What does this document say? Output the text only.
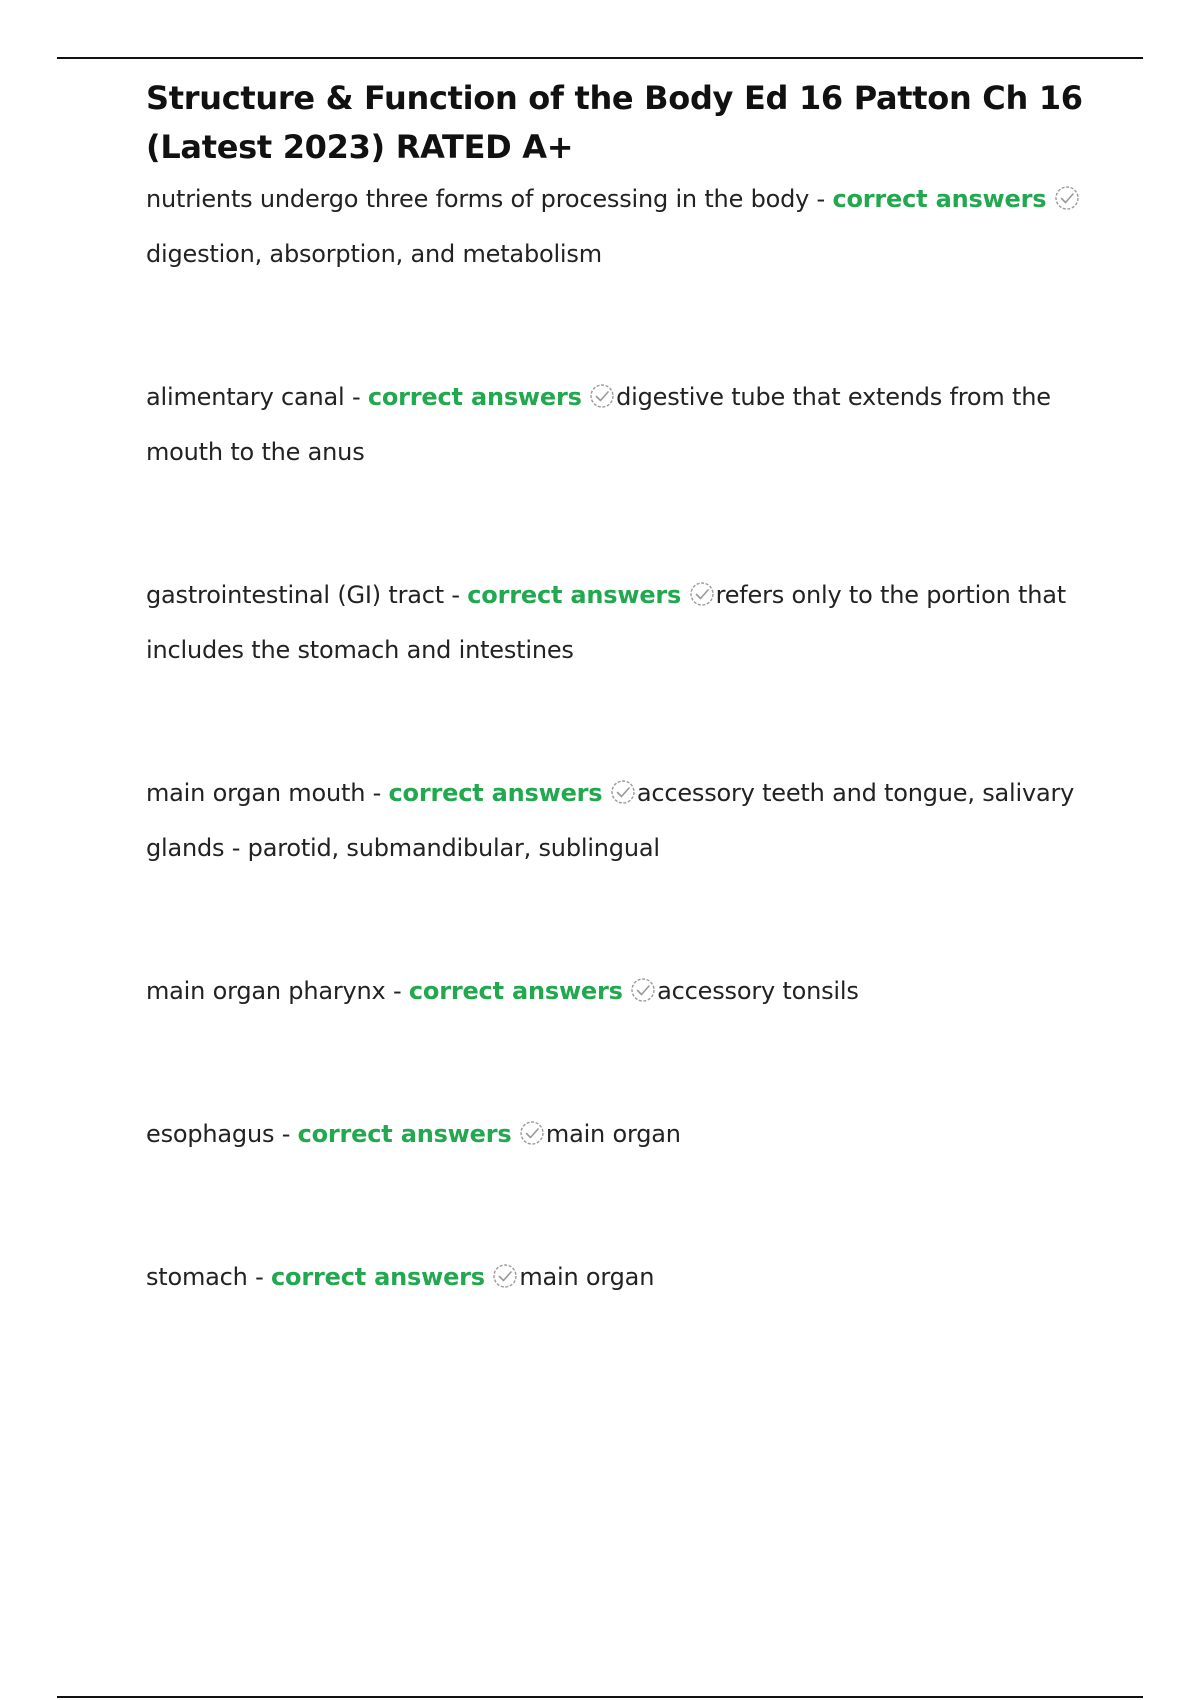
Structure & Function of the Body Ed 16 Patton Ch 16 (Latest 2023) RATED A+

nutrients undergo three forms of processing in the body - correct answers
digestion, absorption, and metabolism

alimentary canal - correct answers digestive tube that extends from the mouth to the anus

gastrointestinal (GI) tract - correct answers refers only to the portion that includes the stomach and intestines

main organ mouth - correct answers accessory teeth and tongue, salivary glands - parotid, submandibular, sublingual

main organ pharynx - correct answers accessory tonsils

esophagus - correct answers main organ

stomach - correct answers main organ
